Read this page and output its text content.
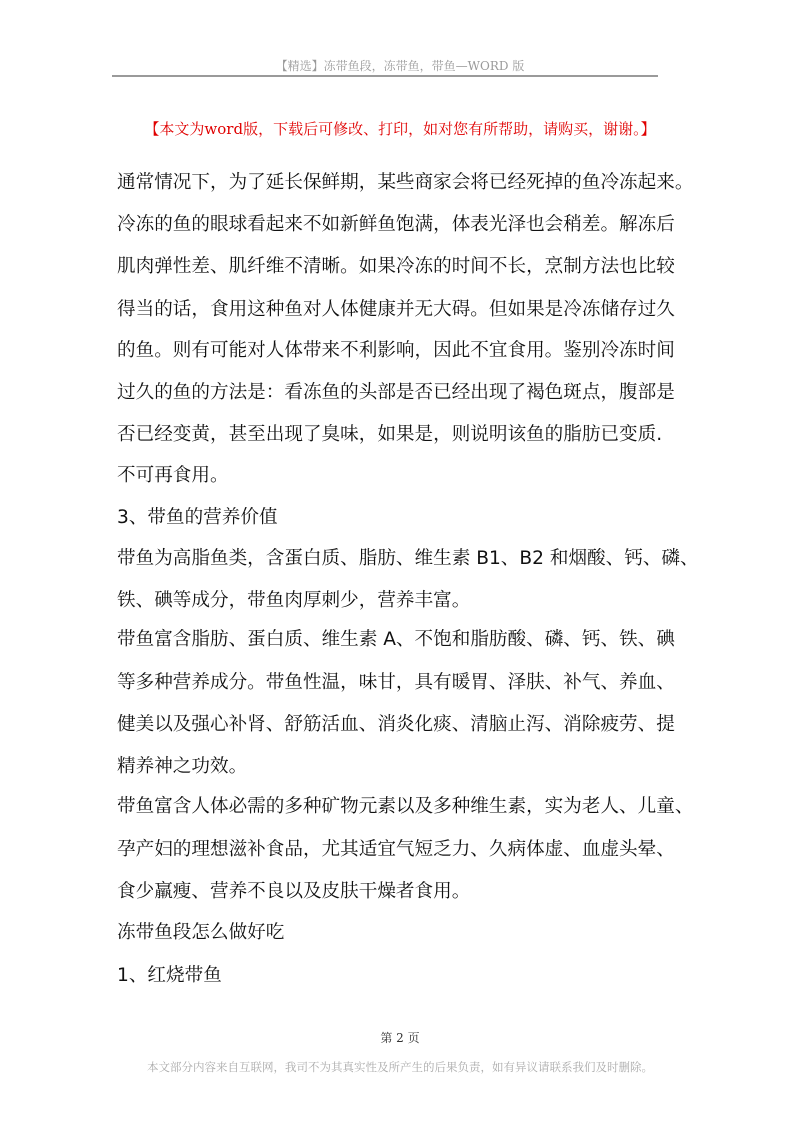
【精选】冻带鱼段，冻带鱼，带鱼—WORD 版
【本文为word版，下载后可修改、打印，如对您有所帮助，请购买，谢谢。】
通常情况下，为了延长保鲜期，某些商家会将已经死掉的鱼冷冻起来。
冷冻的鱼的眼球看起来不如新鲜鱼饱满，体表光泽也会稍差。解冻后
肌肉弹性差、肌纤维不清晰。如果冷冻的时间不长，烹制方法也比较
得当的话，食用这种鱼对人体健康并无大碍。但如果是冷冻储存过久
的鱼。则有可能对人体带来不利影响，因此不宜食用。鉴别冷冻时间
过久的鱼的方法是：看冻鱼的头部是否已经出现了褐色斑点，腹部是
否已经变黄，甚至出现了臭味，如果是，则说明该鱼的脂肪已变质.
不可再食用。
3、带鱼的营养价值
带鱼为高脂鱼类，含蛋白质、脂肪、维生素 B1、B2 和烟酸、钙、磷、
铁、碘等成分，带鱼肉厚刺少，营养丰富。
带鱼富含脂肪、蛋白质、维生素 A、不饱和脂肪酸、磷、钙、铁、碘
等多种营养成分。带鱼性温，味甘，具有暖胃、泽肤、补气、养血、
健美以及强心补肾、舒筋活血、消炎化痰、清脑止泻、消除疲劳、提
精养神之功效。
带鱼富含人体必需的多种矿物元素以及多种维生素，实为老人、儿童、
孕产妇的理想滋补食品，尤其适宜气短乏力、久病体虚、血虚头晕、
食少羸瘦、营养不良以及皮肤干燥者食用。
冻带鱼段怎么做好吃
1、红烧带鱼
第 2 页
本文部分内容来自互联网，我司不为其真实性及所产生的后果负责，如有异议请联系我们及时删除。
